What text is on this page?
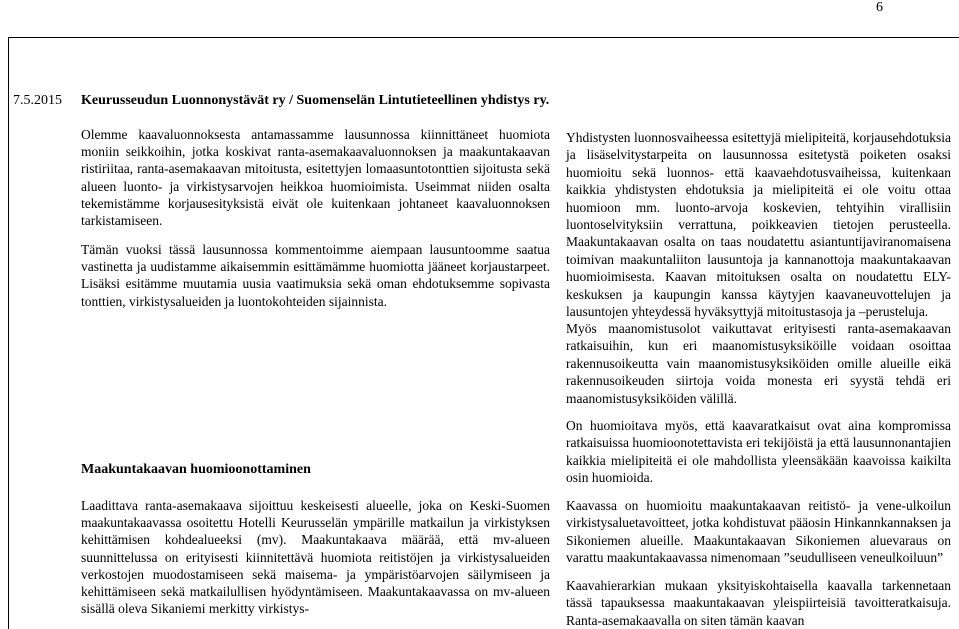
6
7.5.2015 Keurusseudun Luonnonystävät ry / Suomenselän Lintutieteellinen yhdistys ry.

Olemme kaavaluonnoksesta antamassamme lausunnossa kiinnittäneet huomiota moniin seikkoihin, jotka koskivat ranta-asemakaavaluonnoksen ja maakuntakaavan ristiriitaa, ranta-asemakaavan mitoitusta, esitettyjen lomaasuntotonttien sijoitusta sekä alueen luonto- ja virkistysarvojen heikkoa huomioimista. Useimmat niiden osalta tekemistämme korjausesityksistä eivät ole kuitenkaan johtaneet kaavaluonnoksen tarkistamiseen.

Tämän vuoksi tässä lausunnossa kommentoimme aiempaan lausuntoomme saatua vastinetta ja uudistamme aikaisemmin esittämämme huomiotta jääneet korjaustarpeet. Lisäksi esitämme muutamia uusia vaatimuksia sekä oman ehdotuksemme sopivasta tonttien, virkistysalueiden ja luontokohteiden sijainnista.

Maakuntakaavan huomioonottaminen

Laadittava ranta-asemakaava sijoittuu keskeisesti alueelle, joka on Keski-Suomen maakuntakaavassa osoitettu Hotelli Keurusselän ympärille matkailun ja virkistyksen kehittämisen kohdealueeksi (mv). Maakuntakaava määrää, että mv-alueen suunnittelussa on erityisesti kiinnitettävä huomiota reitistöjen ja virkistysalueiden verkostojen muodostamiseen sekä maisema- ja ympäristöarvojen säilymiseen ja kehittämiseen sekä matkailullisen hyödyntämiseen. Maakuntakaavassa on mv-alueen sisällä oleva Sikaniemi merkitty virkistys-

Yhdistysten luonnosvaiheessa esitettyjä mielipiteitä, korjausehdotuksia ja lisäselvitystarpeita on lausunnossa esitetystä poiketen osaksi huomioitu sekä luonnos- että kaavaehdotusvaiheissa, kuitenkaan kaikkia yhdistysten ehdotuksia ja mielipiteitä ei ole voitu ottaa huomioon mm. luonto-arvoja koskevien, tehtyihin virallisiin luontoselvityksiin verrattuna, poikkeavien tietojen perusteella. Maakuntakaavan osalta on taas noudatettu asiantuntijaviranomaisena toimivan maakuntaliiton lausuntoja ja kannanottoja maakuntakaavan huomioimisesta. Kaavan mitoituksen osalta on noudatettu ELY-keskuksen ja kaupungin kanssa käytyjen kaavaneuvottelujen ja lausuntojen yhteydessä hyväksyttyjä mitoitustasoja ja –perusteluja.

Myös maanomistusolot vaikuttavat erityisesti ranta-asemakaavan ratkaisuihin, kun eri maanomistusyksiköille voidaan osoittaa rakennusoikeutta vain maanomistusyksiköiden omille alueille eikä rakennusoikeuden siirtoja voida monesta eri syystä tehdä eri maanomistusyksiköiden välillä.

On huomioitava myös, että kaavaratkaisut ovat aina kompromissa ratkaisuissa huomioonotettavista eri tekijöistä ja että lausunnonantajien kaikkia mielipiteitä ei ole mahdollista yleensäkään kaavoissa kaikilta osin huomioida.

Kaavassa on huomioitu maakuntakaavan reitistö- ja vene-ulkoilun virkistysaluetavoitteet, jotka kohdistuvat pääosin Hinkannkannaksen ja Sikoniemen alueille. Maakuntakaavan Sikoniemen aluevaraus on varattu maakuntakaavassa nimenomaan ”seudulliseen veneulkoiluun”

Kaavahierarkian mukaan yksityiskohtaisella kaavalla tarkennetaan tässä tapauksessa maakuntakaavan yleispiirteisiä tavoitteratkaisuja. Ranta-asemakaavalla on siten tämän kaavan
